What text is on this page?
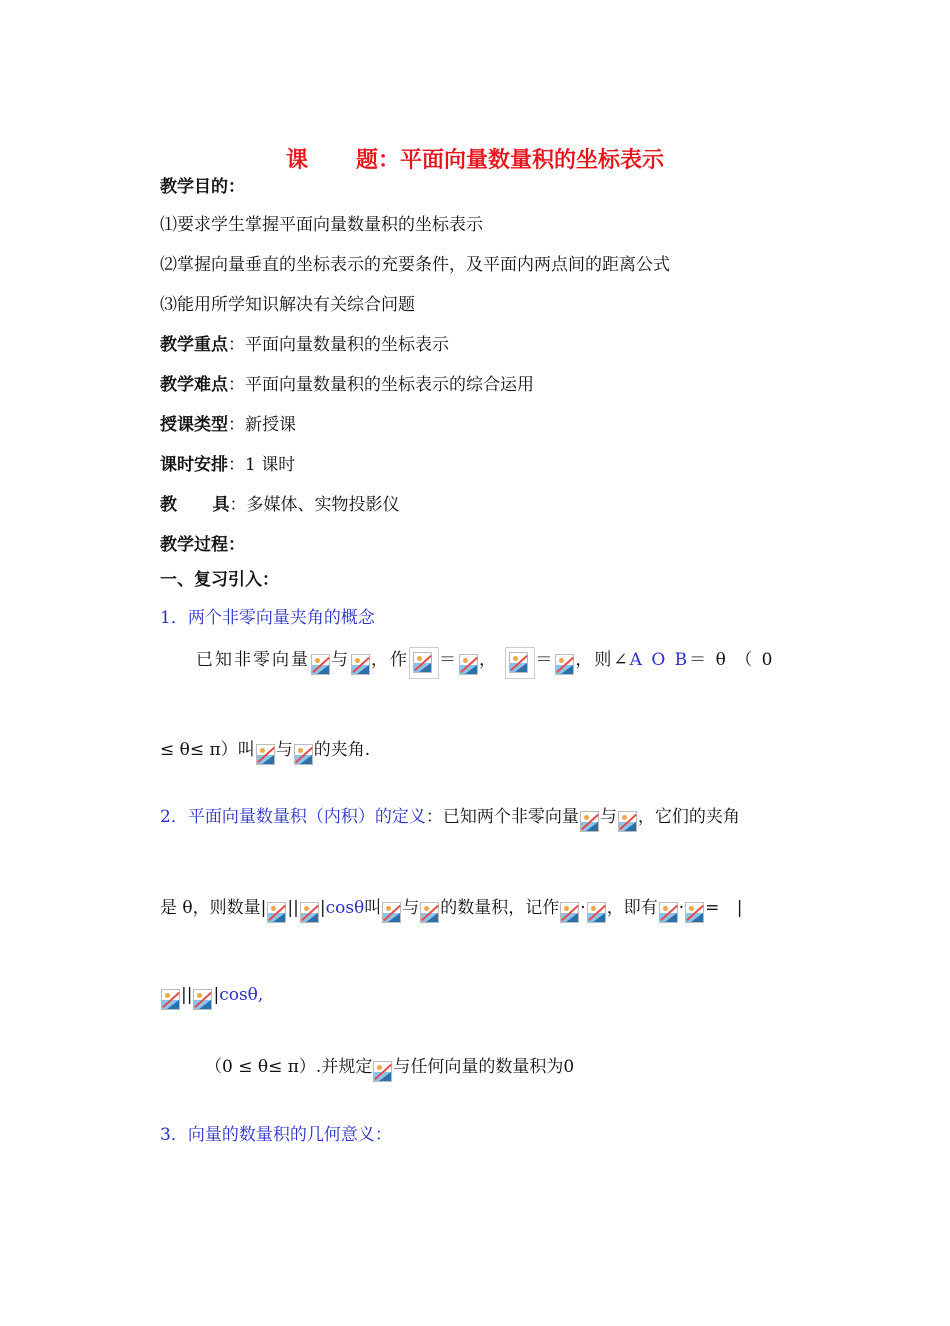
课 题：平面向量数量积的坐标表示
教学目的：
⑴要求学生掌握平面向量数量积的坐标表示
⑵掌握向量垂直的坐标表示的充要条件，及平面内两点间的距离公式
⑶能用所学知识解决有关综合问题
教学重点：平面向量数量积的坐标表示
教学难点：平面向量数量积的坐标表示的综合运用
授课类型：新授课
课时安排：1 课时
教      具：多媒体、实物投影仪
教学过程：
一、复习引入：
1．两个非零向量夹角的概念
已知非零向量 与 ，作 ＝ ， ＝ ，则∠A O B＝ θ （ 0
≤ θ≤ π）叫 与 的夹角.
2．平面向量数量积（内积）的定义：已知两个非零向量 与 ，它们的夹角
是 θ，则数量| || |cosθ叫 与 的数量积，记作 · ，即有 · = |
|| |cosθ,
（0 ≤ θ≤ π）.并规定 与任何向量的数量积为0
3．向量的数量积的几何意义：
